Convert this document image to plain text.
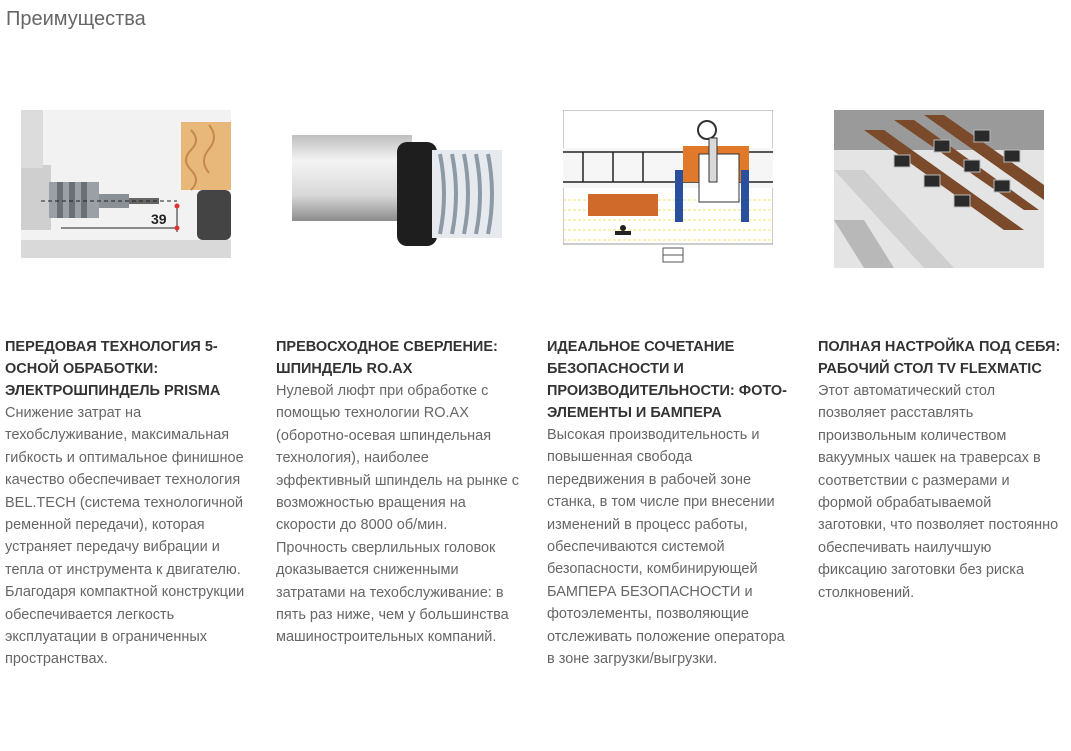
Преимущества
39

ПЕРЕДОВАЯ ТЕХНОЛОГИЯ 5-ОСНОЙ ОБРАБОТКИ: ЭЛЕКТРОШПИНДЕЛЬ PRISMA

Снижение затрат на техобслуживание, максимальная гибкость и оптимальное финишное качество обеспечивает технология BEL.TECH (система технологичной ременной передачи), которая устраняет передачу вибрации и тепла от инструмента к двигателю. Благодаря компактной конструкции обеспечивается легкость эксплуатации в ограниченных пространствах.

ПРЕВОСХОДНОЕ СВЕРЛЕНИЕ: ШПИНДЕЛЬ RO.AX

Нулевой люфт при обработке с помощью технологии RO.AX (оборотно-осевая шпиндельная технология), наиболее эффективный шпиндель на рынке с возможностью вращения на скорости до 8000 об/мин. Прочность сверлильных головок доказывается сниженными затратами на техобслуживание: в пять раз ниже, чем у большинства машиностроительных компаний.

ИДЕАЛЬНОЕ СОЧЕТАНИЕ БЕЗОПАСНОСТИ И ПРОИЗВОДИТЕЛЬНОСТИ: ФОТО-ЭЛЕМЕНТЫ И БАМПЕРА

Высокая производительность и повышенная свобода передвижения в рабочей зоне станка, в том числе при внесении изменений в процесс работы, обеспечиваются системой безопасности, комбинирующей БАМПЕРА БЕЗОПАСНОСТИ и фотоэлементы, позволяющие отслеживать положение оператора в зоне загрузки/выгрузки.

ПОЛНАЯ НАСТРОЙКА ПОД СЕБЯ: РАБОЧИЙ СТОЛ TV FLEXMATIC

Этот автоматический стол позволяет расставлять произвольным количеством вакуумных чашек на траверсах в соответствии с размерами и формой обрабатываемой заготовки, что позволяет постоянно обеспечивать наилучшую фиксацию заготовки без риска столкновений.
